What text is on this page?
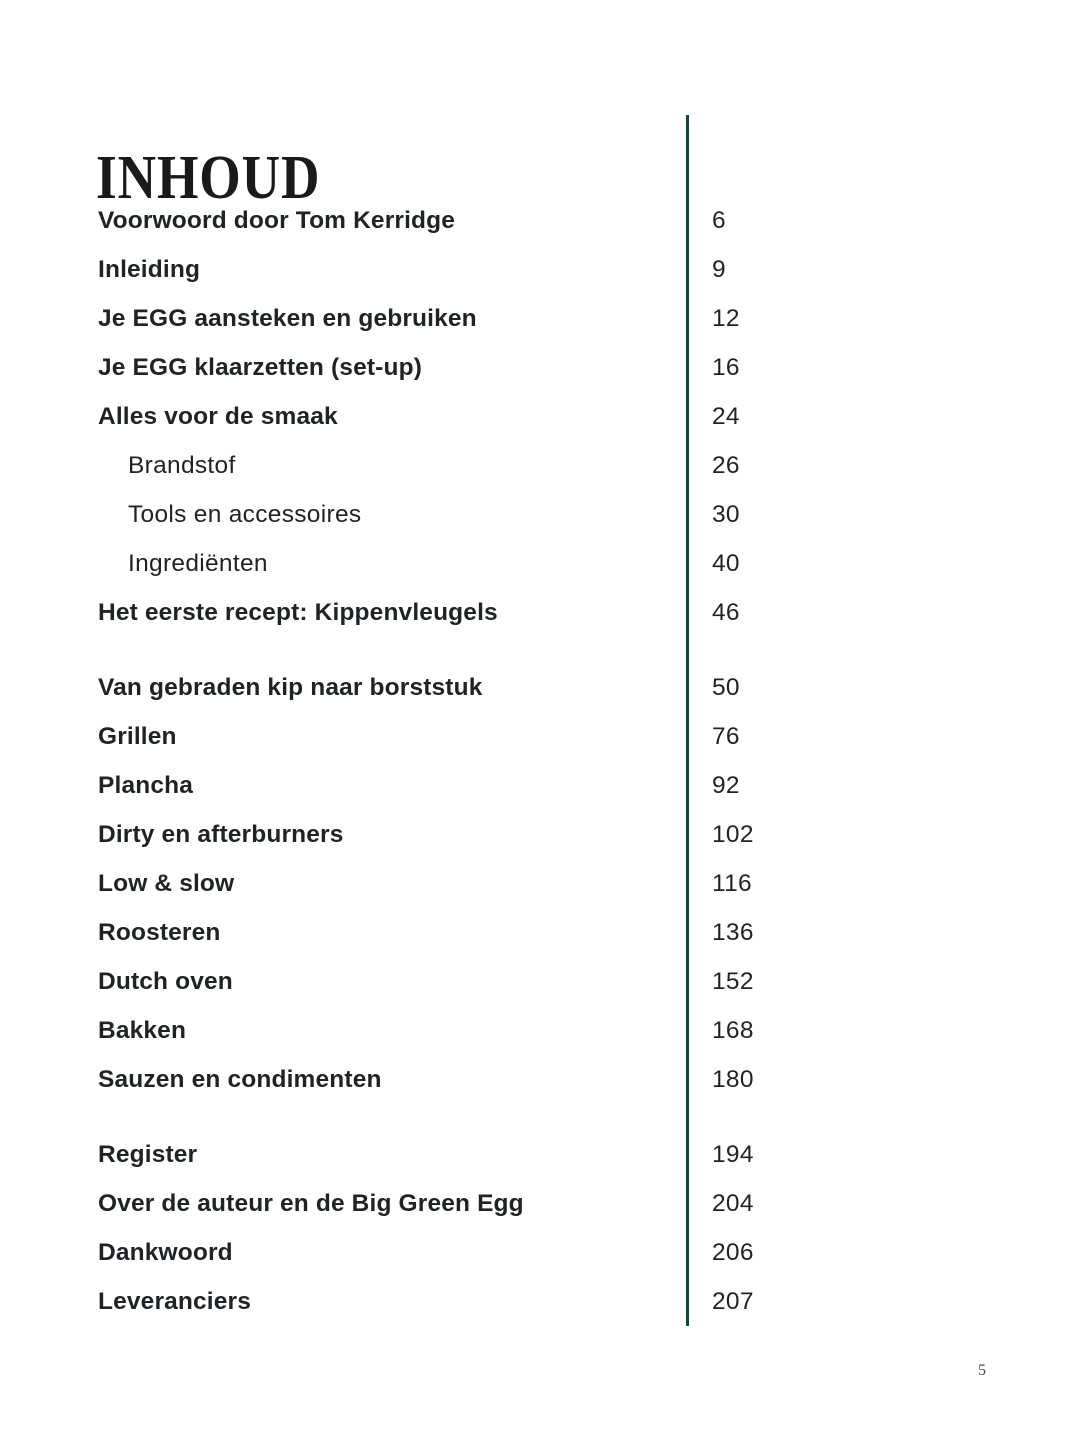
INHOUD
Voorwoord door Tom Kerridge	6
Inleiding	9
Je EGG aansteken en gebruiken	12
Je EGG klaarzetten (set-up)	16
Alles voor de smaak	24
Brandstof	26
Tools en accessoires	30
Ingrediënten	40
Het eerste recept: Kippenvleugels	46
Van gebraden kip naar borststuk	50
Grillen	76
Plancha	92
Dirty en afterburners	102
Low & slow	116
Roosteren	136
Dutch oven	152
Bakken	168
Sauzen en condimenten	180
Register	194
Over de auteur en de Big Green Egg	204
Dankwoord	206
Leveranciers	207
5
